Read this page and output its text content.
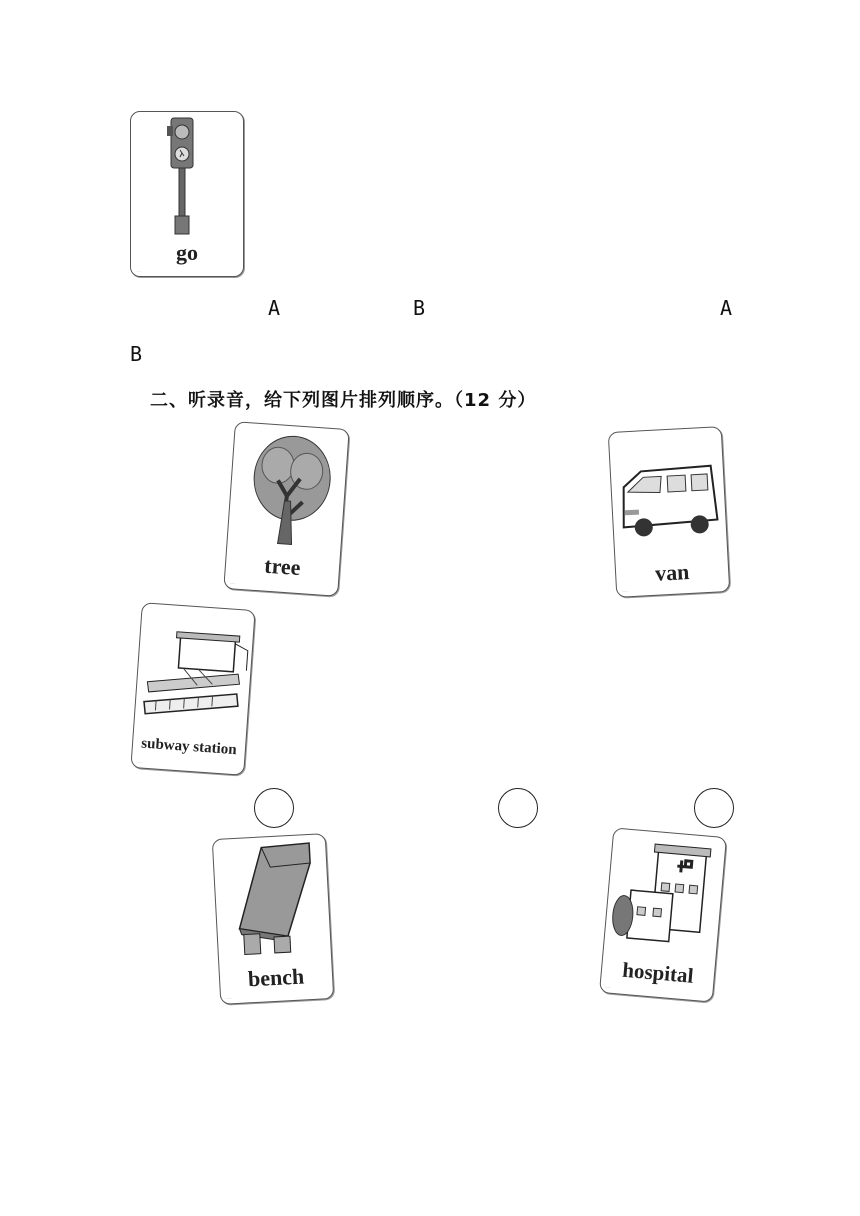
go
······
A	B	A
B
二、听录音，给下列图片排列顺序。（12 分）
tree
······	van
······
subway station
······
bench
······
hospital
······
